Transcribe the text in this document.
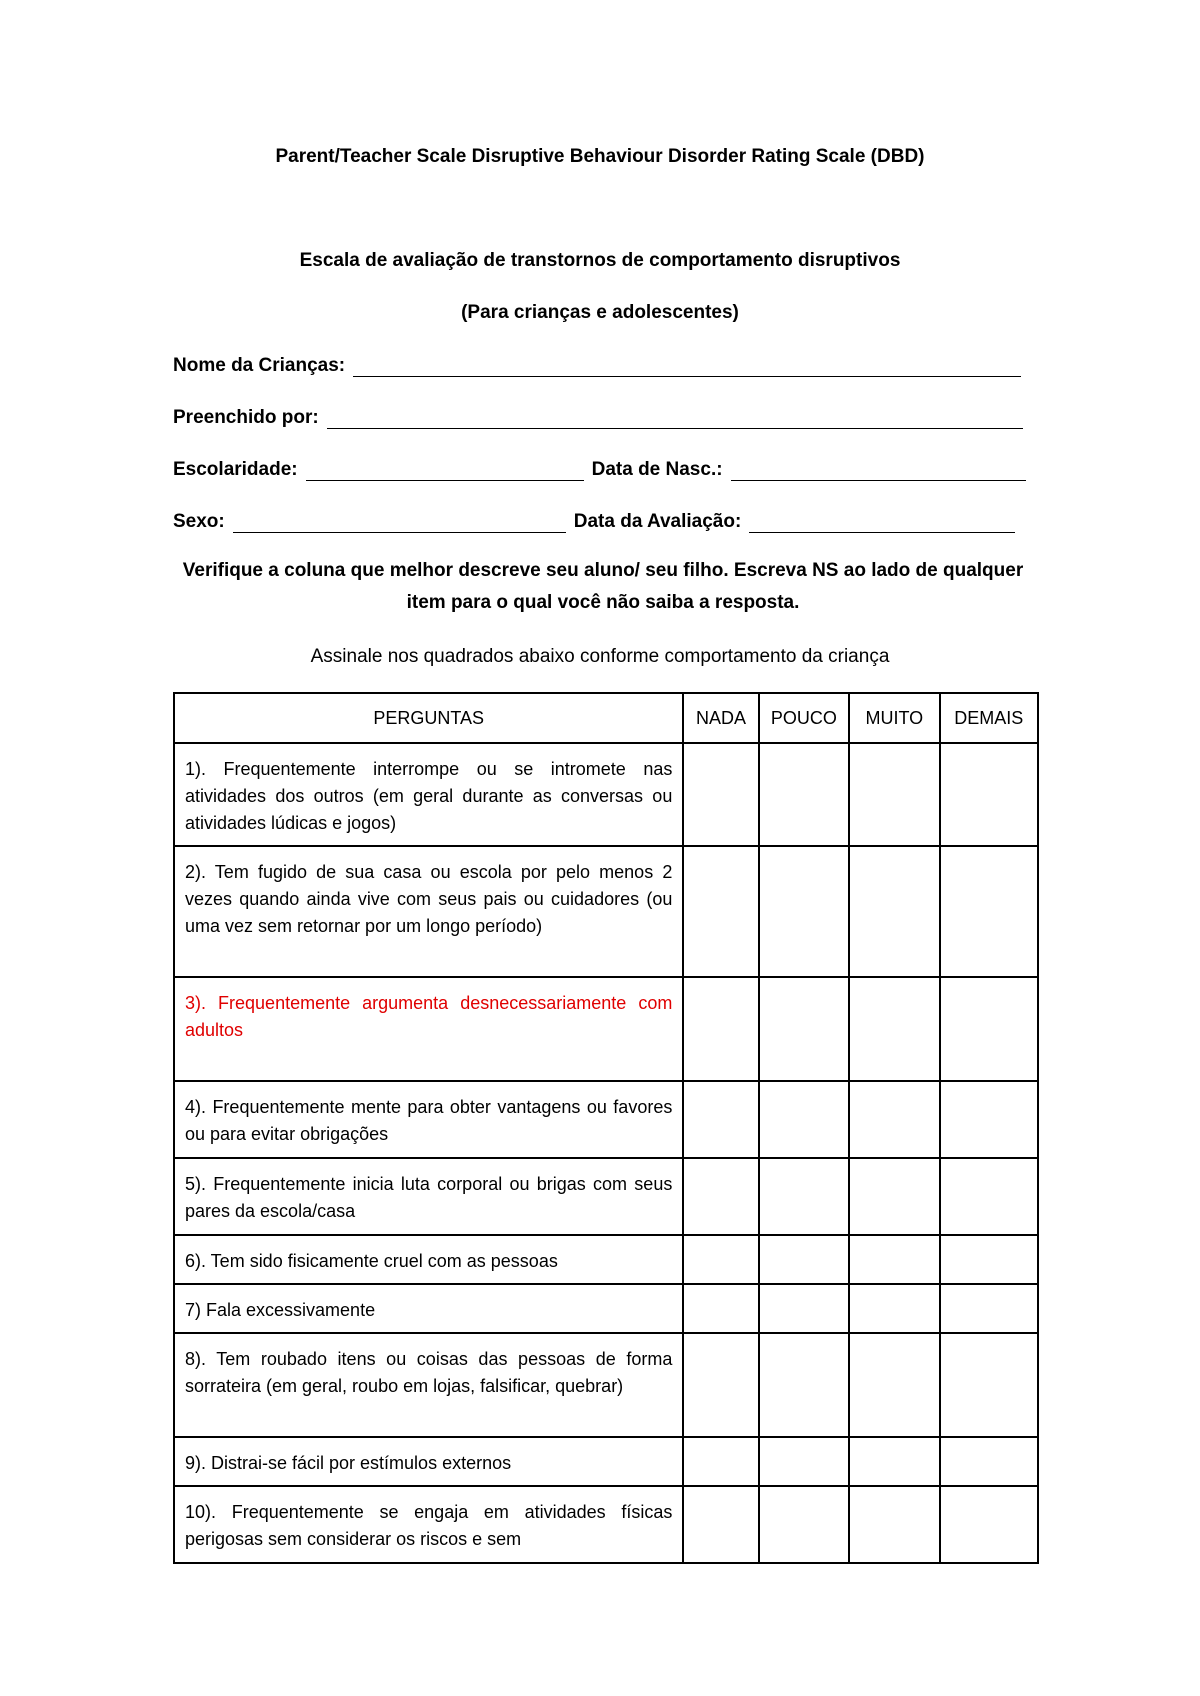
Parent/Teacher Scale Disruptive Behaviour Disorder Rating Scale (DBD)
Escala de avaliação de transtornos de comportamento disruptivos
(Para crianças e adolescentes)
Nome da Crianças:
Preenchido por:
Escolaridade:	Data de Nasc.:
Sexo:	Data da Avaliação:
Verifique a coluna que melhor descreve seu aluno/ seu filho. Escreva NS ao lado de qualquer
item para o qual você não saiba a resposta.
Assinale nos quadrados abaixo conforme comportamento da criança
PERGUNTAS	NADA	POUCO	MUITO	DEMAIS
1). Frequentemente interrompe ou se intromete nas atividades dos outros (em geral durante as conversas ou atividades lúdicas e jogos)				
2). Tem fugido de sua casa ou escola por pelo menos 2 vezes quando ainda vive com seus pais ou cuidadores (ou uma vez sem retornar por um longo período)				
3). Frequentemente argumenta desnecessariamente com adultos				
4). Frequentemente mente para obter vantagens ou favores ou para evitar obrigações				
5). Frequentemente inicia luta corporal ou brigas com seus pares da escola/casa				
6). Tem sido fisicamente cruel com as pessoas				
7) Fala excessivamente				
8). Tem roubado itens ou coisas das pessoas de forma sorrateira (em geral, roubo em lojas, falsificar, quebrar)				
9). Distrai-se fácil por estímulos externos				
10). Frequentemente se engaja em atividades físicas perigosas sem considerar os riscos e sem				
